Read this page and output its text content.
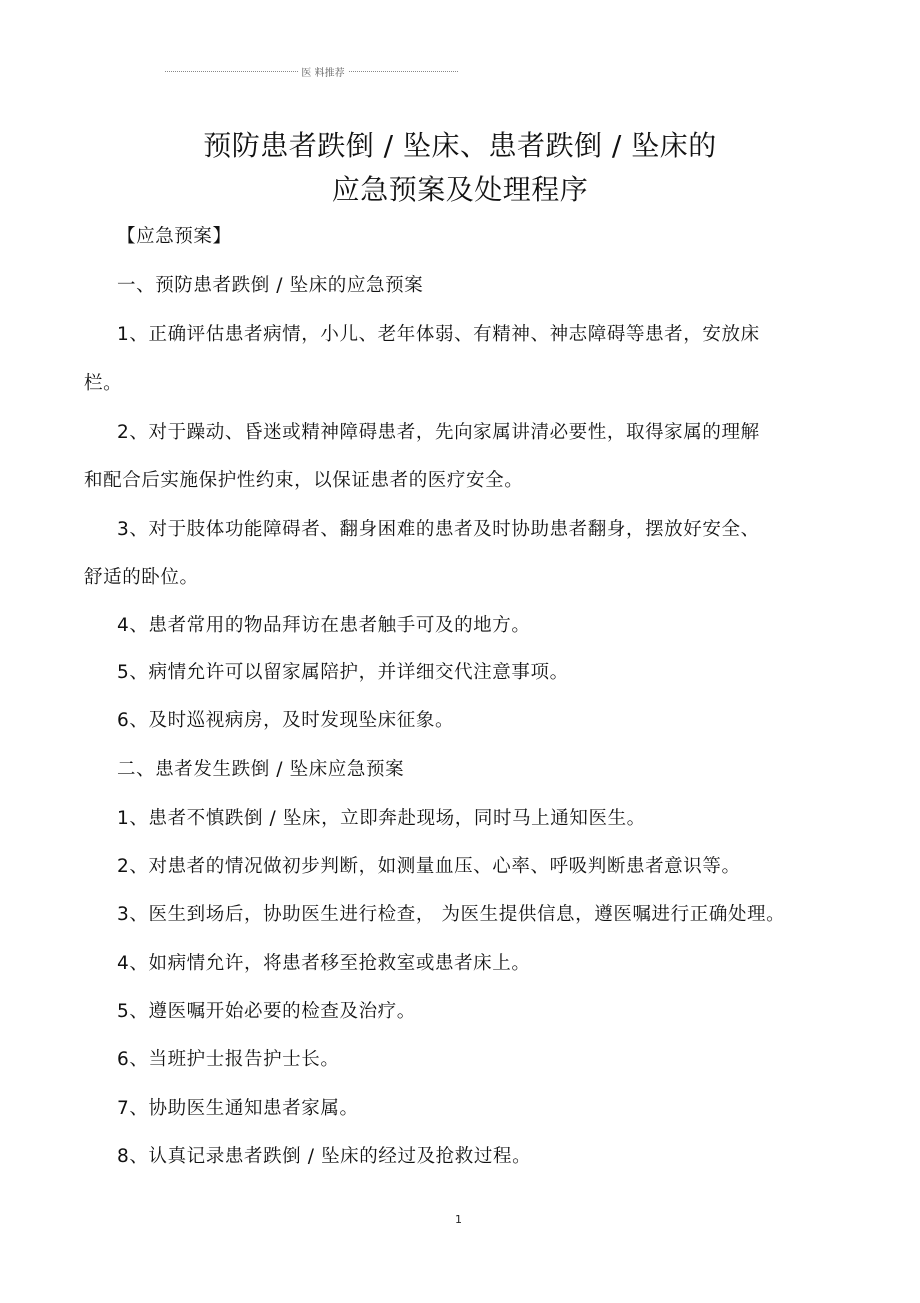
医 料推荐
预防患者跌倒 / 坠床、患者跌倒 / 坠床的
应急预案及处理程序
【应急预案】
一、预防患者跌倒 / 坠床的应急预案
1、正确评估患者病情，小儿、老年体弱、有精神、神志障碍等患者，安放床
栏。
2、对于躁动、昏迷或精神障碍患者，先向家属讲清必要性，取得家属的理解
和配合后实施保护性约束，以保证患者的医疗安全。
3、对于肢体功能障碍者、翻身困难的患者及时协助患者翻身，摆放好安全、
舒适的卧位。
4、患者常用的物品拜访在患者触手可及的地方。
5、病情允许可以留家属陪护，并详细交代注意事项。
6、及时巡视病房，及时发现坠床征象。
二、患者发生跌倒 / 坠床应急预案
1、患者不慎跌倒 / 坠床，立即奔赴现场，同时马上通知医生。
2、对患者的情况做初步判断，如测量血压、心率、呼吸判断患者意识等。
3、医生到场后，协助医生进行检查， 为医生提供信息，遵医嘱进行正确处理。
4、如病情允许，将患者移至抢救室或患者床上。
5、遵医嘱开始必要的检查及治疗。
6、当班护士报告护士长。
7、协助医生通知患者家属。
8、认真记录患者跌倒 / 坠床的经过及抢救过程。
1
